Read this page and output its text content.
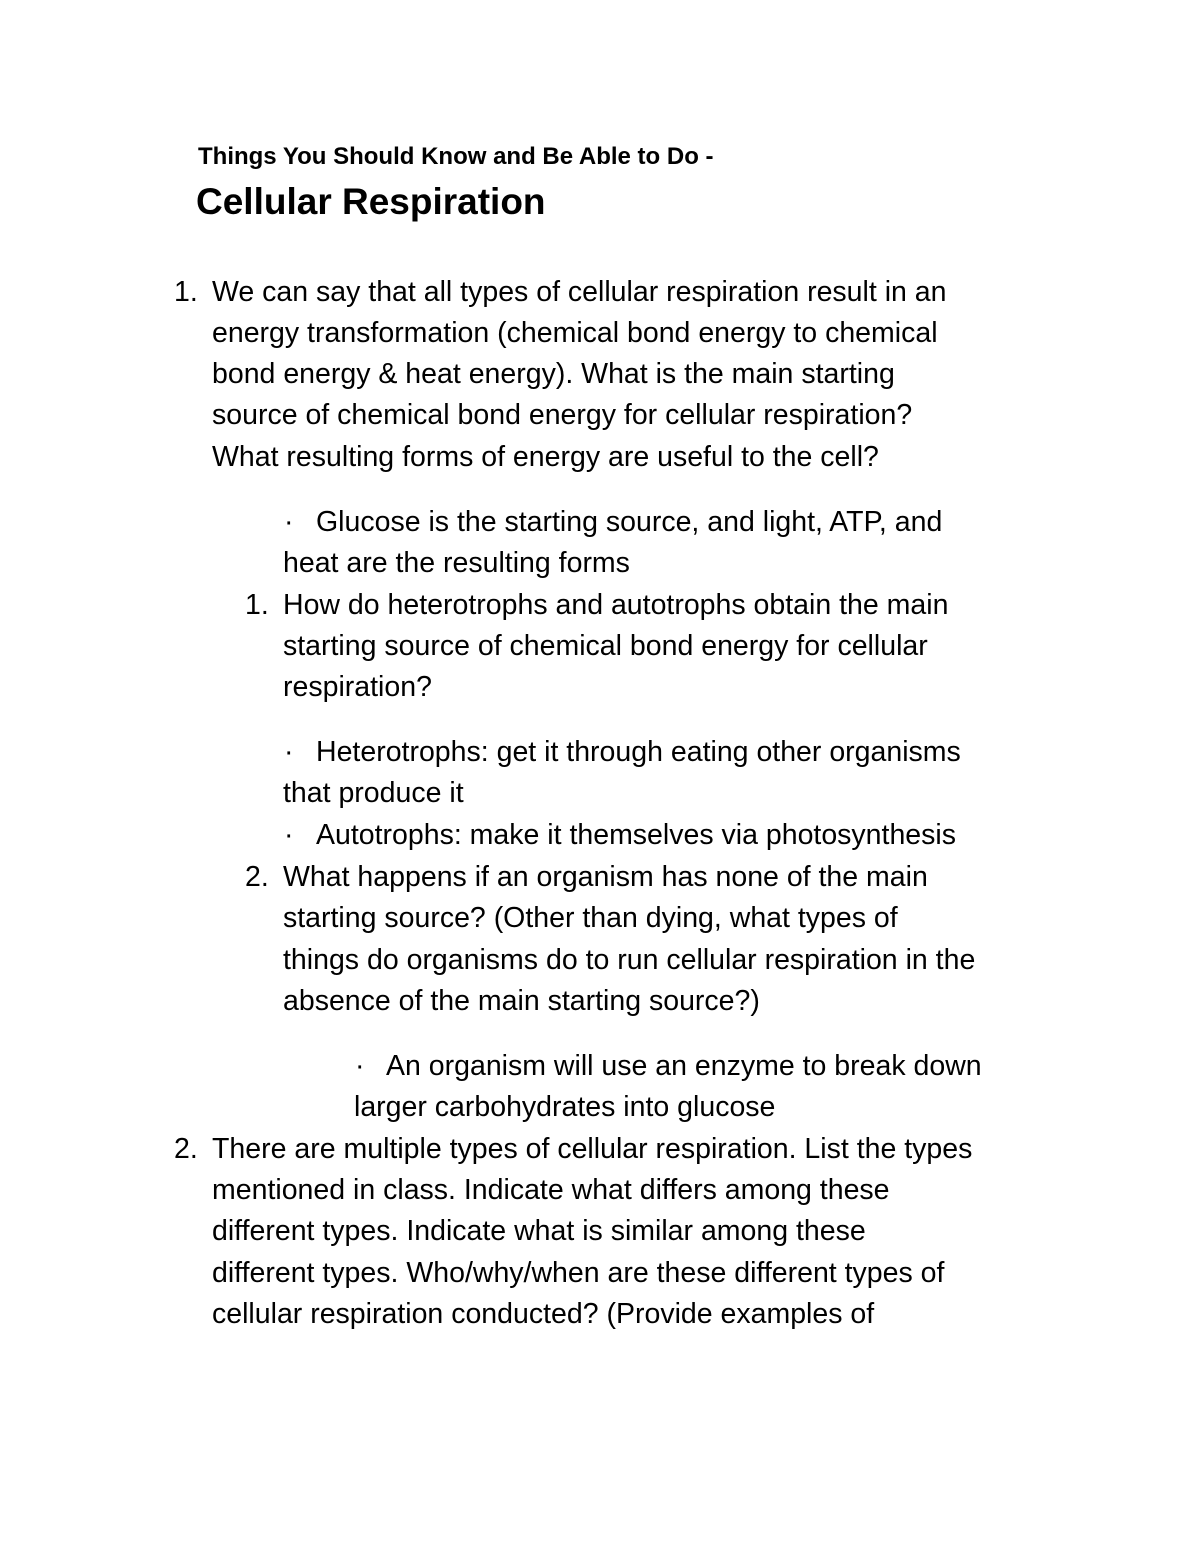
Things You Should Know and Be Able to Do -
Cellular Respiration
1. We can say that all types of cellular respiration result in an
energy transformation (chemical bond energy to chemical
bond energy & heat energy). What is the main starting
source of chemical bond energy for cellular respiration?
What resulting forms of energy are useful to the cell?
· Glucose is the starting source, and light, ATP, and
heat are the resulting forms
1. How do heterotrophs and autotrophs obtain the main
starting source of chemical bond energy for cellular
respiration?
· Heterotrophs: get it through eating other organisms
that produce it
· Autotrophs: make it themselves via photosynthesis
2. What happens if an organism has none of the main
starting source? (Other than dying, what types of
things do organisms do to run cellular respiration in the
absence of the main starting source?)
· An organism will use an enzyme to break down
larger carbohydrates into glucose
2. There are multiple types of cellular respiration. List the types
mentioned in class. Indicate what differs among these
different types. Indicate what is similar among these
different types. Who/why/when are these different types of
cellular respiration conducted? (Provide examples of
